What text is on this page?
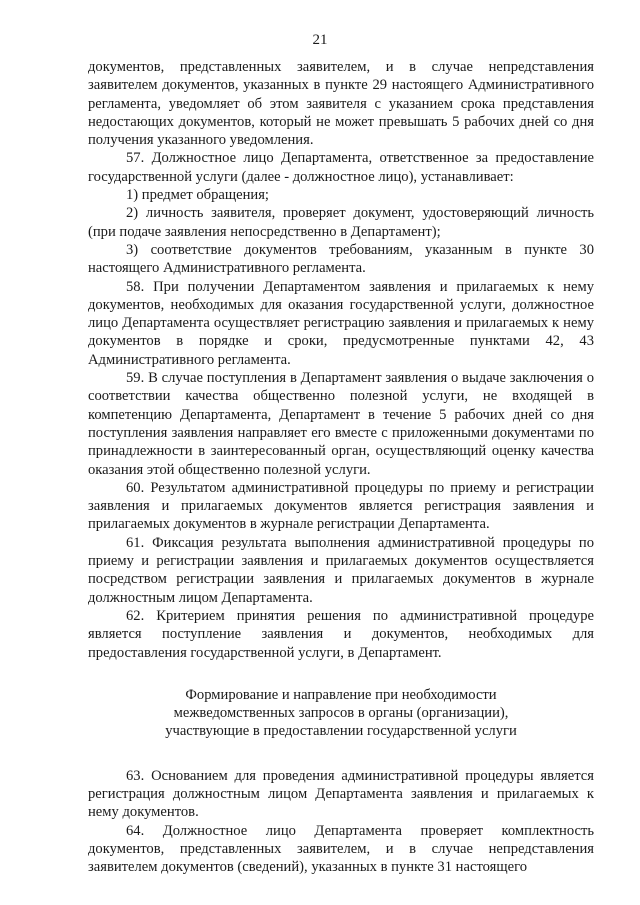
21

документов, представленных заявителем, и в случае непредставления заявителем документов, указанных в пункте 29 настоящего Административного регламента, уведомляет об этом заявителя с указанием срока представления недостающих документов, который не может превышать 5 рабочих дней со дня получения указанного уведомления.

57. Должностное лицо Департамента, ответственное за предоставление государственной услуги (далее - должностное лицо), устанавливает:

1) предмет обращения;

2) личность заявителя, проверяет документ, удостоверяющий личность (при подаче заявления непосредственно в Департамент);

3) соответствие документов требованиям, указанным в пункте 30 настоящего Административного регламента.

58. При получении Департаментом заявления и прилагаемых к нему документов, необходимых для оказания государственной услуги, должностное лицо Департамента осуществляет регистрацию заявления и прилагаемых к нему документов в порядке и сроки, предусмотренные пунктами 42, 43 Административного регламента.

59. В случае поступления в Департамент заявления о выдаче заключения о соответствии качества общественно полезной услуги, не входящей в компетенцию Департамента, Департамент в течение 5 рабочих дней со дня поступления заявления направляет его вместе с приложенными документами по принадлежности в заинтересованный орган, осуществляющий оценку качества оказания этой общественно полезной услуги.

60. Результатом административной процедуры по приему и регистрации заявления и прилагаемых документов является регистрация заявления и прилагаемых документов в журнале регистрации Департамента.

61. Фиксация результата выполнения административной процедуры по приему и регистрации заявления и прилагаемых документов осуществляется посредством регистрации заявления и прилагаемых документов в журнале должностным лицом Департамента.

62. Критерием принятия решения по административной процедуре является поступление заявления и документов, необходимых для предоставления государственной услуги, в Департамент.

Формирование и направление при необходимости
межведомственных запросов в органы (организации),
участвующие в предоставлении государственной услуги

63. Основанием для проведения административной процедуры является регистрация должностным лицом Департамента заявления и прилагаемых к нему документов.

64. Должностное лицо Департамента проверяет комплектность документов, представленных заявителем, и в случае непредставления заявителем документов (сведений), указанных в пункте 31 настоящего
